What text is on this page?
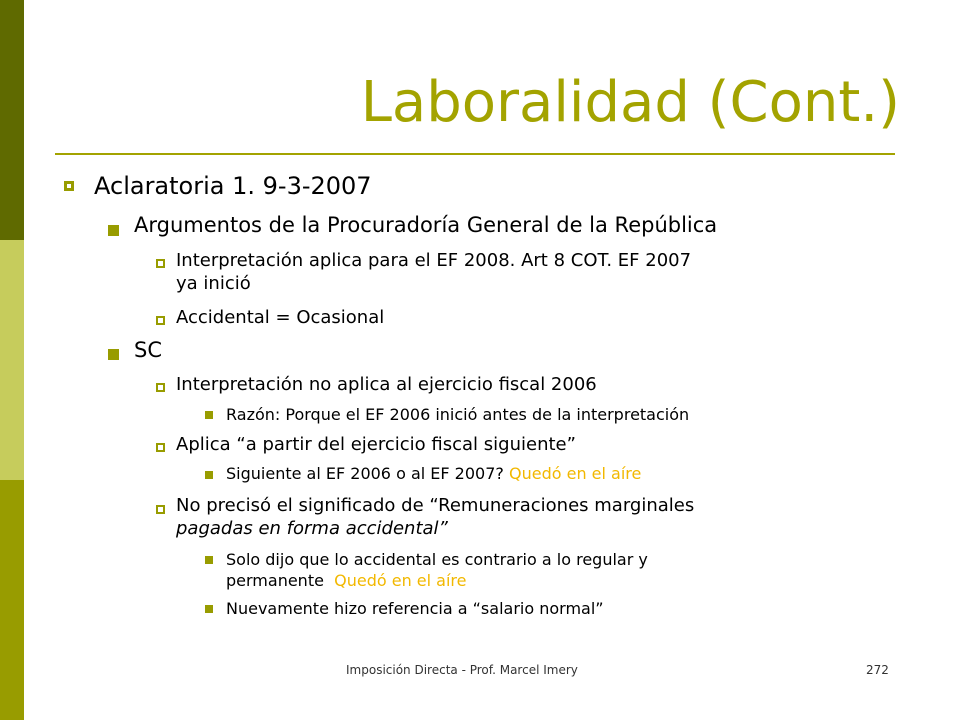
Laboralidad (Cont.)
Aclaratoria 1. 9-3-2007
Argumentos de la Procuradoría General de la República
Interpretación aplica para el EF 2008. Art 8 COT. EF 2007
ya inició
Accidental = Ocasional
SC
Interpretación no aplica al ejercicio fiscal 2006
Razón: Porque el EF 2006 inició antes de la interpretación
Aplica “a partir del ejercicio fiscal siguiente”
Siguiente al EF 2006 o al EF 2007? Quedó en el aíre
No precisó el significado de “Remuneraciones marginales
pagadas en forma accidental”
Solo dijo que lo accidental es contrario a lo regular y
permanente  Quedó en el aíre
Nuevamente hizo referencia a “salario normal”
Imposición Directa - Prof. Marcel Imery	272
